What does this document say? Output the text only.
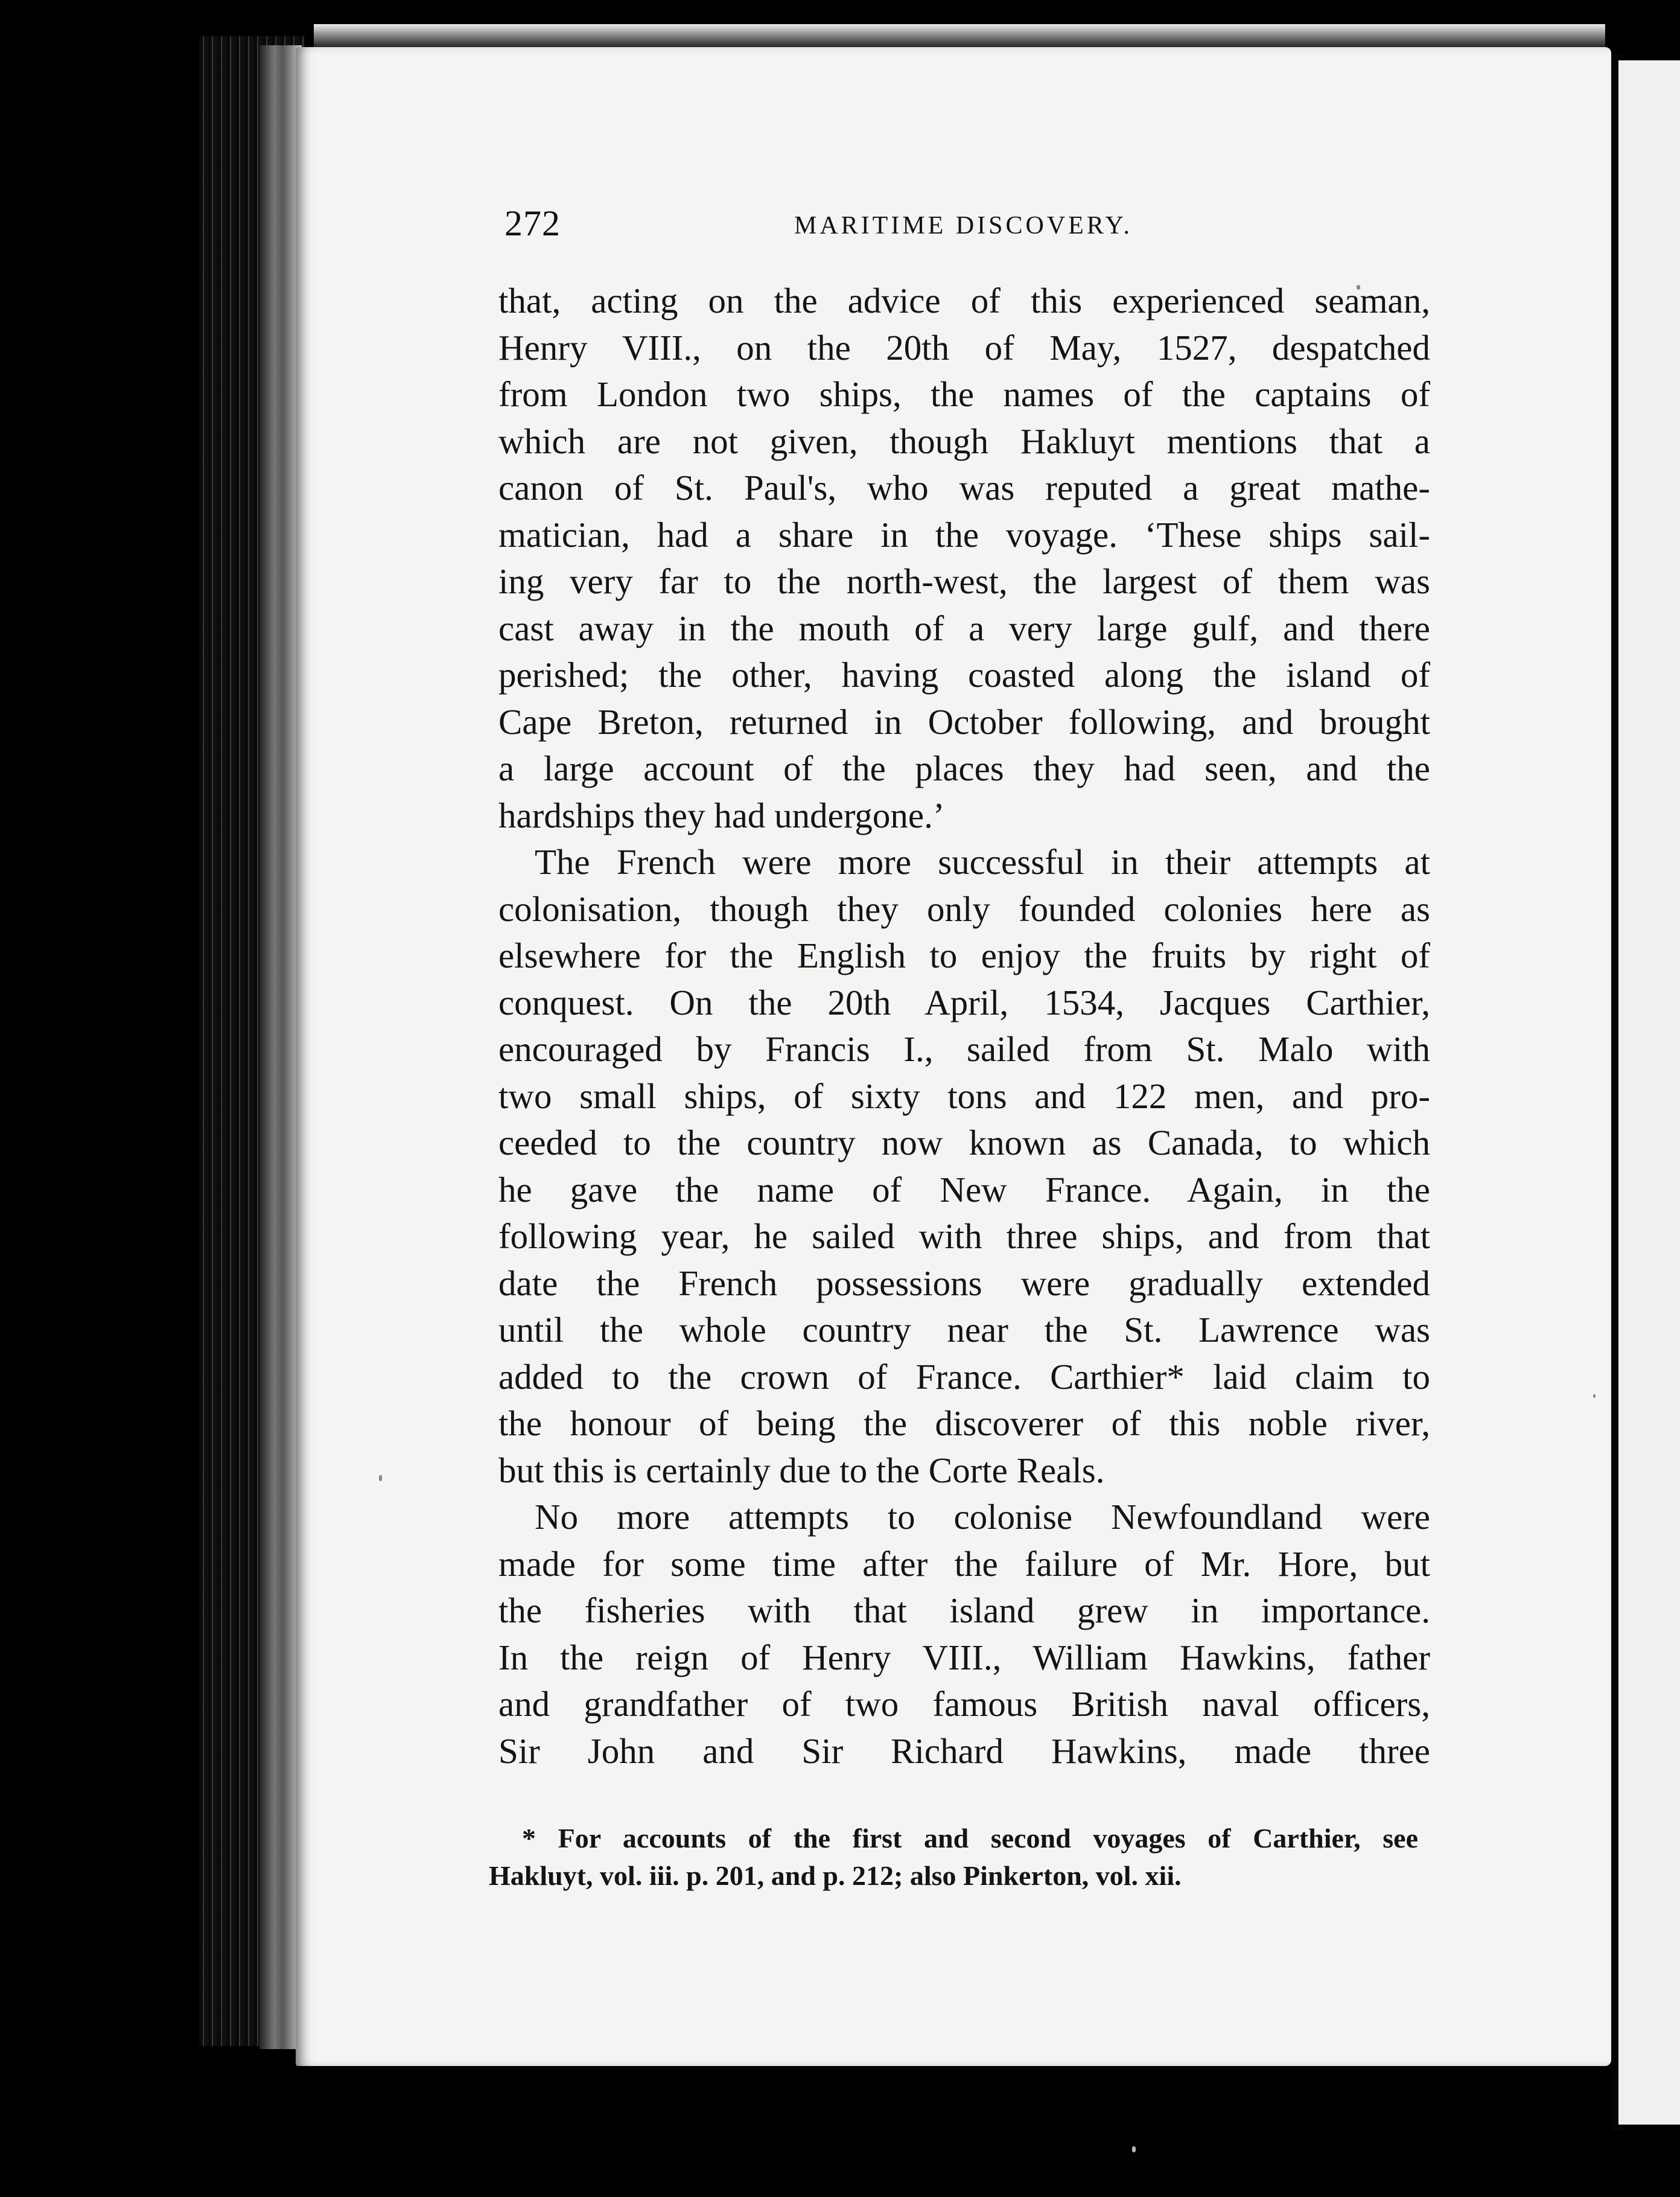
272	MARITIME DISCOVERY.
that, acting on the advice of this experienced seaman,
Henry VIII., on the 20th of May, 1527, despatched
from London two ships, the names of the captains of
which are not given, though Hakluyt mentions that a
canon of St. Paul's, who was reputed a great mathe-
matician, had a share in the voyage. ‘These ships sail-
ing very far to the north-west, the largest of them was
cast away in the mouth of a very large gulf, and there
perished; the other, having coasted along the island of
Cape Breton, returned in October following, and brought
a large account of the places they had seen, and the
hardships they had undergone.’
The French were more successful in their attempts at
colonisation, though they only founded colonies here as
elsewhere for the English to enjoy the fruits by right of
conquest. On the 20th April, 1534, Jacques Carthier,
encouraged by Francis I., sailed from St. Malo with
two small ships, of sixty tons and 122 men, and pro-
ceeded to the country now known as Canada, to which
he gave the name of New France. Again, in the
following year, he sailed with three ships, and from that
date the French possessions were gradually extended
until the whole country near the St. Lawrence was
added to the crown of France. Carthier* laid claim to
the honour of being the discoverer of this noble river,
but this is certainly due to the Corte Reals.
No more attempts to colonise Newfoundland were
made for some time after the failure of Mr. Hore, but
the fisheries with that island grew in importance.
In the reign of Henry VIII., William Hawkins, father
and grandfather of two famous British naval officers,
Sir John and Sir Richard Hawkins, made three
* For accounts of the first and second voyages of Carthier, see
Hakluyt, vol. iii. p. 201, and p. 212; also Pinkerton, vol. xii.
